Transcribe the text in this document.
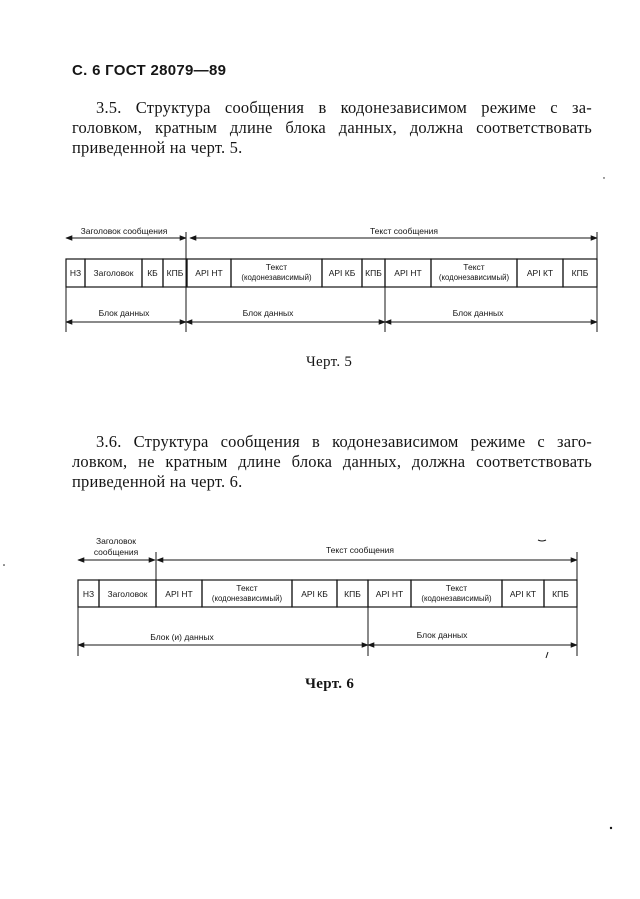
С. 6 ГОСТ 28079—89
3.5. Структура сообщения в кодонезависимом режиме с за-
головком, кратным длине блока данных, должна соответствовать
приведенной на черт. 5.
Заголовок сообщения	Текст сообщения
НЗ Заголовок КБ КПБ АРI НТ
Текст
(кодонезависимый) АРI КБ КПБ АРI НТ
Текст
(кодонезависимый) АРI КТ КПБ
Блок данных	Блок данных	Блок данных
Заголовок
сообщения	Текст сообщения
НЗ Заголовок АРI НТ
Текст
(кодонезависимый) АРI КБ КПБ АРI НТ
Текст
(кодонезависимый) АРI КТ КПБ
Блок (и) данных	Блок данных
Черт. 5
3.6. Структура сообщения в кодонезависимом режиме с заго-
ловком, не кратным длине блока данных, должна соответствовать
приведенной на черт. 6.
Черт. 6
